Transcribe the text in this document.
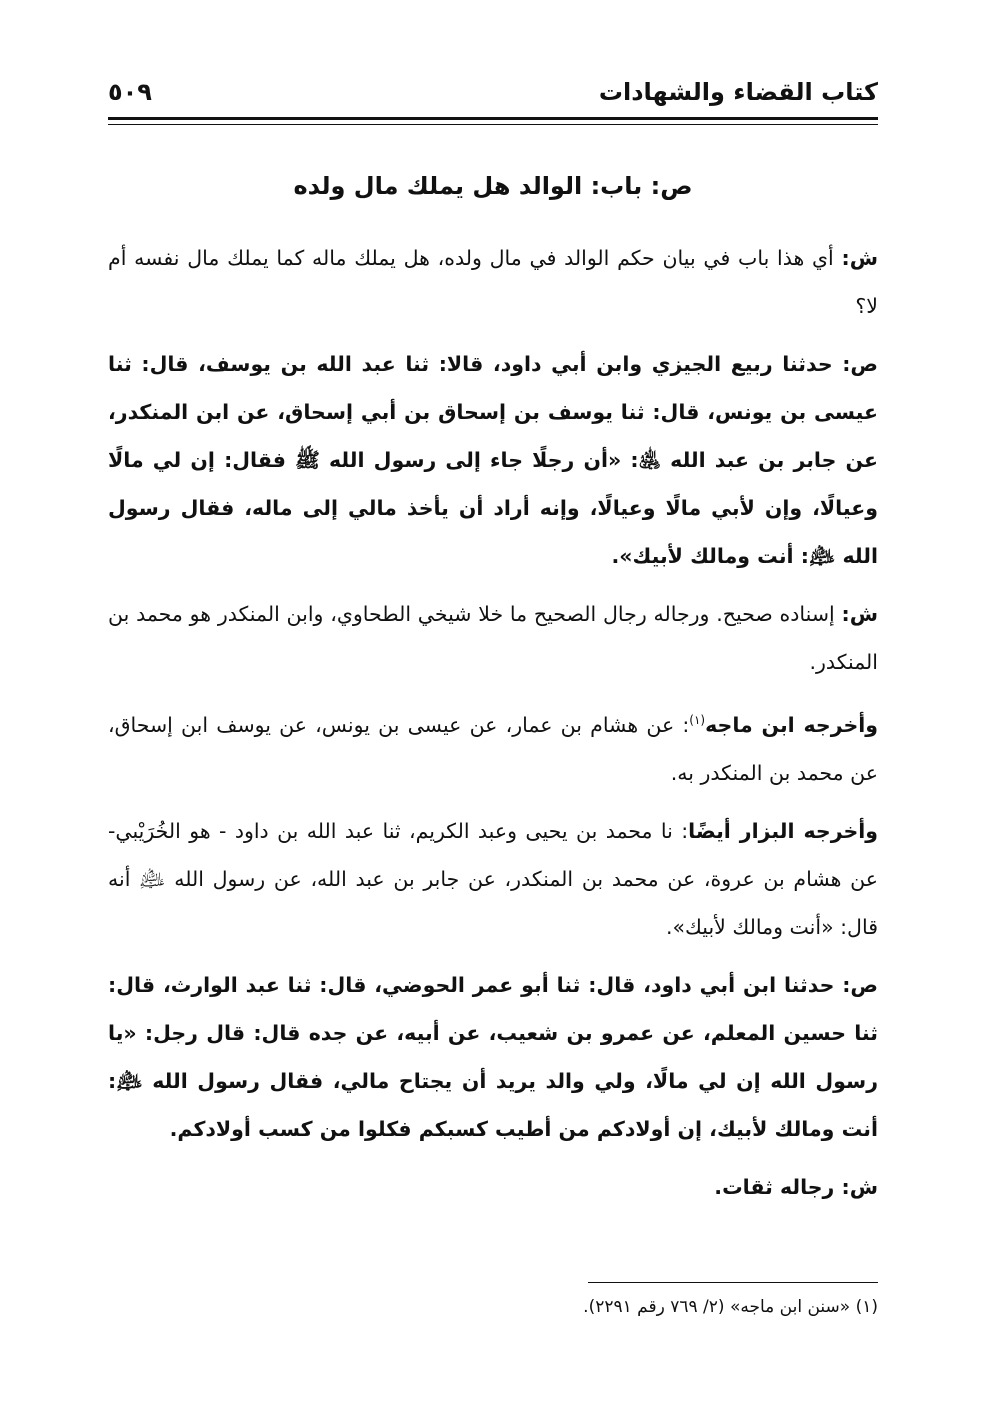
كتاب القضاء والشهادات
٥٠٩
ص: باب: الوالد هل يملك مال ولده

ش: أي هذا باب في بيان حكم الوالد في مال ولده، هل يملك ماله كما يملك مال نفسه أم لا؟

ص: حدثنا ربيع الجيزي وابن أبي داود، قالا: ثنا عبد الله بن يوسف، قال: ثنا عيسى بن يونس، قال: ثنا يوسف بن إسحاق بن أبي إسحاق، عن ابن المنكدر، عن جابر بن عبد الله ﵁: «أن رجلًا جاء إلى رسول الله ﷺ فقال: إن لي مالًا وعيالًا، وإن لأبي مالًا وعيالًا، وإنه أراد أن يأخذ مالي إلى ماله، فقال رسول الله ﵇: أنت ومالك لأبيك».

ش: إسناده صحيح. ورجاله رجال الصحيح ما خلا شيخي الطحاوي، وابن المنكدر هو محمد بن المنكدر.

وأخرجه ابن ماجه$^{(١)}$: عن هشام بن عمار، عن عيسى بن يونس، عن يوسف ابن إسحاق، عن محمد بن المنكدر به.

وأخرجه البزار أيضًا: نا محمد بن يحيى وعبد الكريم، ثنا عبد الله بن داود - هو الخُرَيْبي- عن هشام بن عروة، عن محمد بن المنكدر، عن جابر بن عبد الله، عن رسول الله ﵇ أنه قال: «أنت ومالك لأبيك».

ص: حدثنا ابن أبي داود، قال: ثنا أبو عمر الحوضي، قال: ثنا عبد الوارث، قال: ثنا حسين المعلم، عن عمرو بن شعيب، عن أبيه، عن جده قال: قال رجل: «يا رسول الله إن لي مالًا، ولي والد يريد أن يجتاح مالي، فقال رسول الله ﵇: أنت ومالك لأبيك، إن أولادكم من أطيب كسبكم فكلوا من كسب أولادكم.

ش: رجاله ثقات.

(١) «سنن ابن ماجه» (٢/ ٧٦٩ رقم ٢٢٩١).
